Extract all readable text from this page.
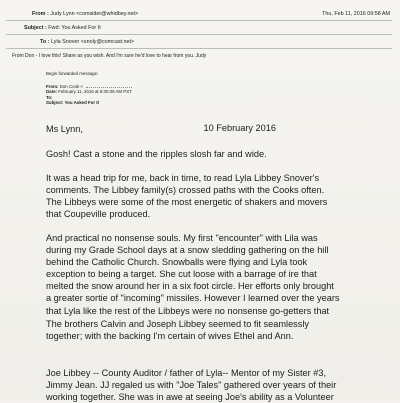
From : Judy Lynn <comsider@whidbey.net>	Thu, Feb 11, 2016 09:58 AM
Subject : Fwd: You Asked For It
To : Lyla Snover <snoly@comcast.net>
From Don - I love this! Share as you wish. And I'm sure he'd love to hear from you. Judy
Begin forwarded message:
From: Don Cook <
Date: February 11, 2016 at 9:30:39 AM PST
To:
Subject: You Asked For It
Ms Lynn,	10 February 2016

Gosh! Cast a stone and the ripples slosh far and wide.

It was a head trip for me, back in time, to read Lyla Libbey Snover's

comments. The Libbey family(s) crossed paths with the Cooks often.

The Libbeys were some of the most energetic of shakers and movers

that Coupeville produced.

And practical no nonsense souls. My first "encounter" with Lila was

during my Grade School days at a snow sledding gathering on the hill

behind the Catholic Church. Snowballs were flying and Lyla took

exception to being a target. She cut loose with a barrage of ire that

melted the snow around her in a six foot circle. Her efforts only brought

a greater sortie of "incoming" missiles. However I learned over the years

that Lyla like the rest of the Libbeys were no nonsense go-getters that

The brothers Calvin and Joseph Libbey seemed to fit seamlessly

together; with the backing I'm certain of wives Ethel and Ann.

Joe Libbey -- County Auditor / father of Lyla-- Mentor of my Sister #3,

Jimmy Jean. JJ regaled us with "Joe Tales" gathered over years of their

working together. She was in awe at seeing Joe's ability as a Volunteer
